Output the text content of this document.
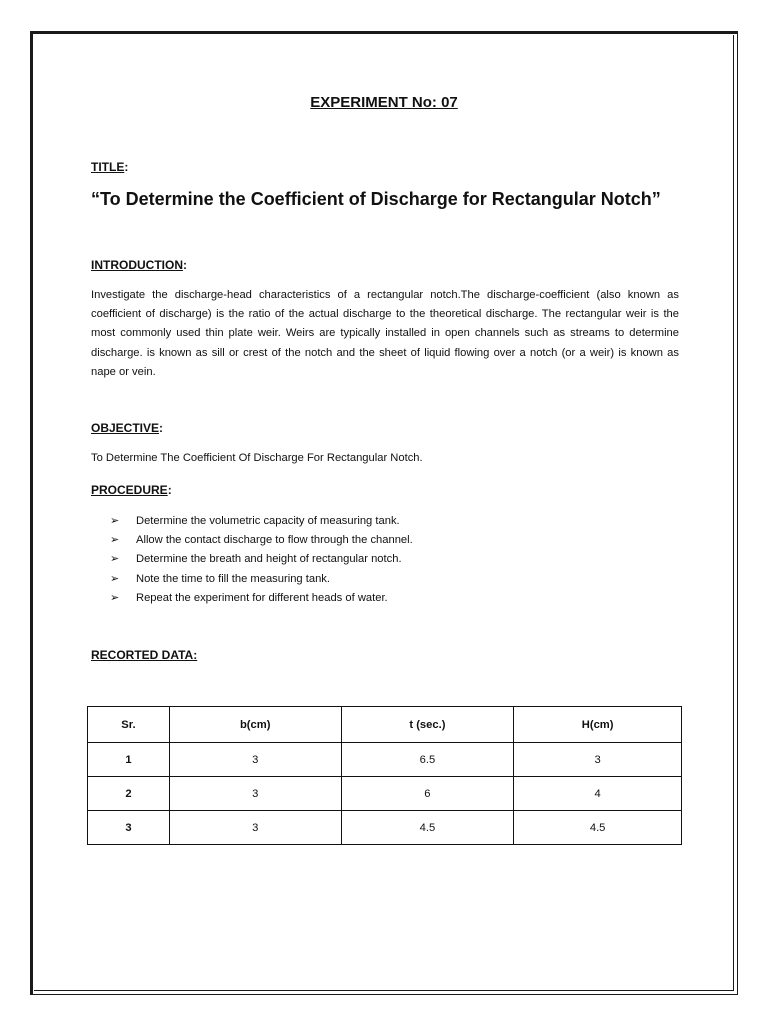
EXPERIMENT No: 07
TITLE:
“To Determine the Coefficient of Discharge for Rectangular Notch”
INTRODUCTION:
Investigate the discharge-head characteristics of a rectangular notch.The discharge-coefficient (also known as coefficient of discharge) is the ratio of the actual discharge to the theoretical discharge. The rectangular weir is the most commonly used thin plate weir. Weirs are typically installed in open channels such as streams to determine discharge. is known as sill or crest of the notch and the sheet of liquid flowing over a notch (or a weir) is known as nape or vein.
OBJECTIVE:
To Determine The Coefficient Of Discharge For Rectangular Notch.
PROCEDURE:
➢ Determine the volumetric capacity of measuring tank.
➢ Allow the contact discharge to flow through the channel.
➢ Determine the breath and height of rectangular notch.
➢ Note the time to fill the measuring tank.
➢ Repeat the experiment for different heads of water.
RECORTED DATA:
Sr.	b(cm)	t (sec.)	H(cm)
1	3	6.5	3
2	3	6	4
3	3	4.5	4.5
